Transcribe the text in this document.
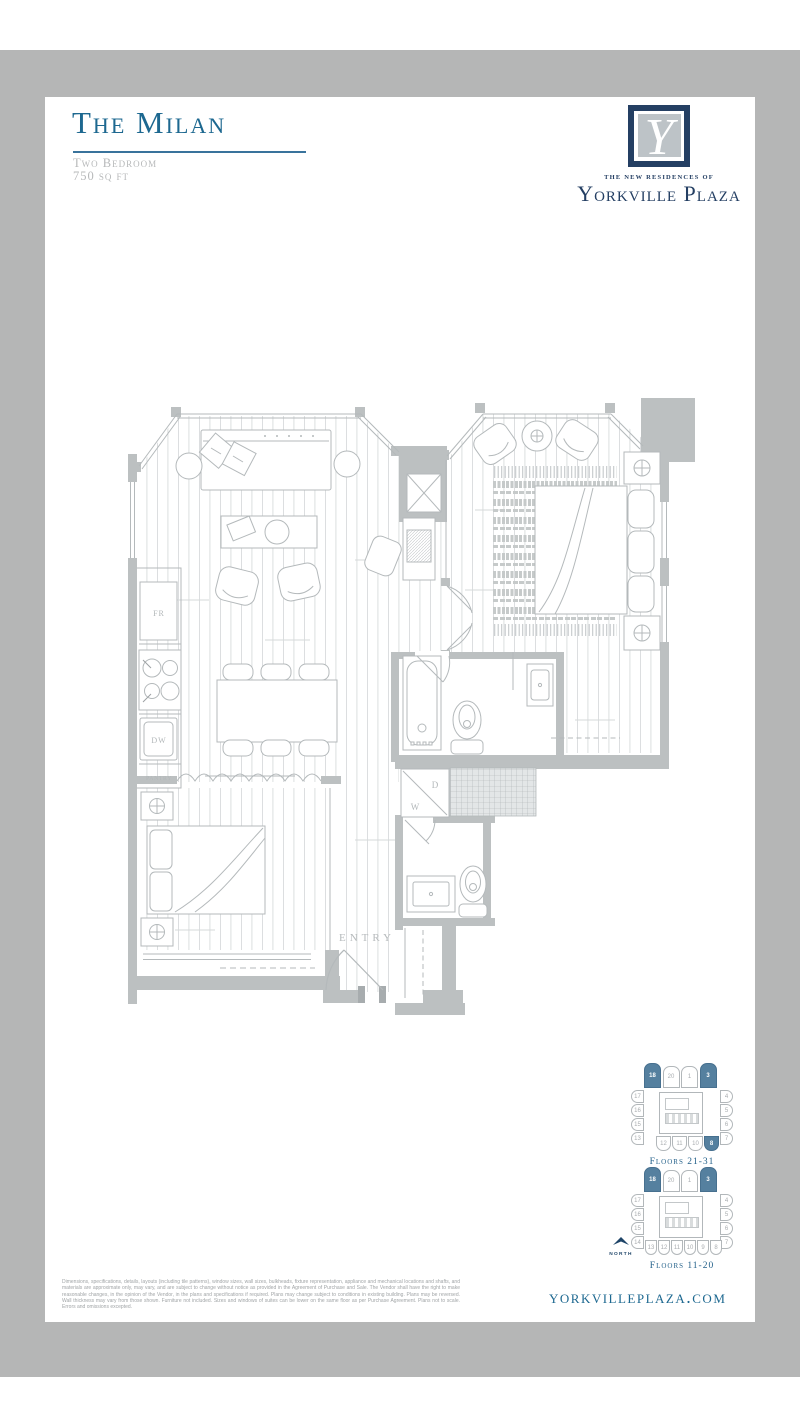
The Milan
Two Bedroom
750 sq ft
Y
THE NEW RESIDENCES OF
Yorkville Plaza
FR
DW
PANTRY
D
W
ENTRY
18	20	1	3
17
16
15
13
4
5
6
7
12	11	10	8
Floors 21-31
18	20	1	3
17
16
15
14
4
5
6
7
13	12	11	10	9	8
Floors 11-20
NORTH
Dimensions, specifications, details, layouts (including tile patterns), window sizes, wall sizes, bulkheads, fixture representation, appliance and mechanical locations and shafts, and materials are approximate only, may vary, and are subject to change without notice as provided in the Agreement of Purchase and Sale. The Vendor shall have the right to make reasonable changes, in the opinion of the Vendor, in the plans and specifications if required. Plans may change subject to conditions in existing building. Plans may be reversed. Wall thickness may vary from those shown. Furniture not included. Sizes and windows of suites can be lower on the same floor as per Purchase Agreement. Plans not to scale. Errors and omissions excepted.
yorkvilleplaza.com
